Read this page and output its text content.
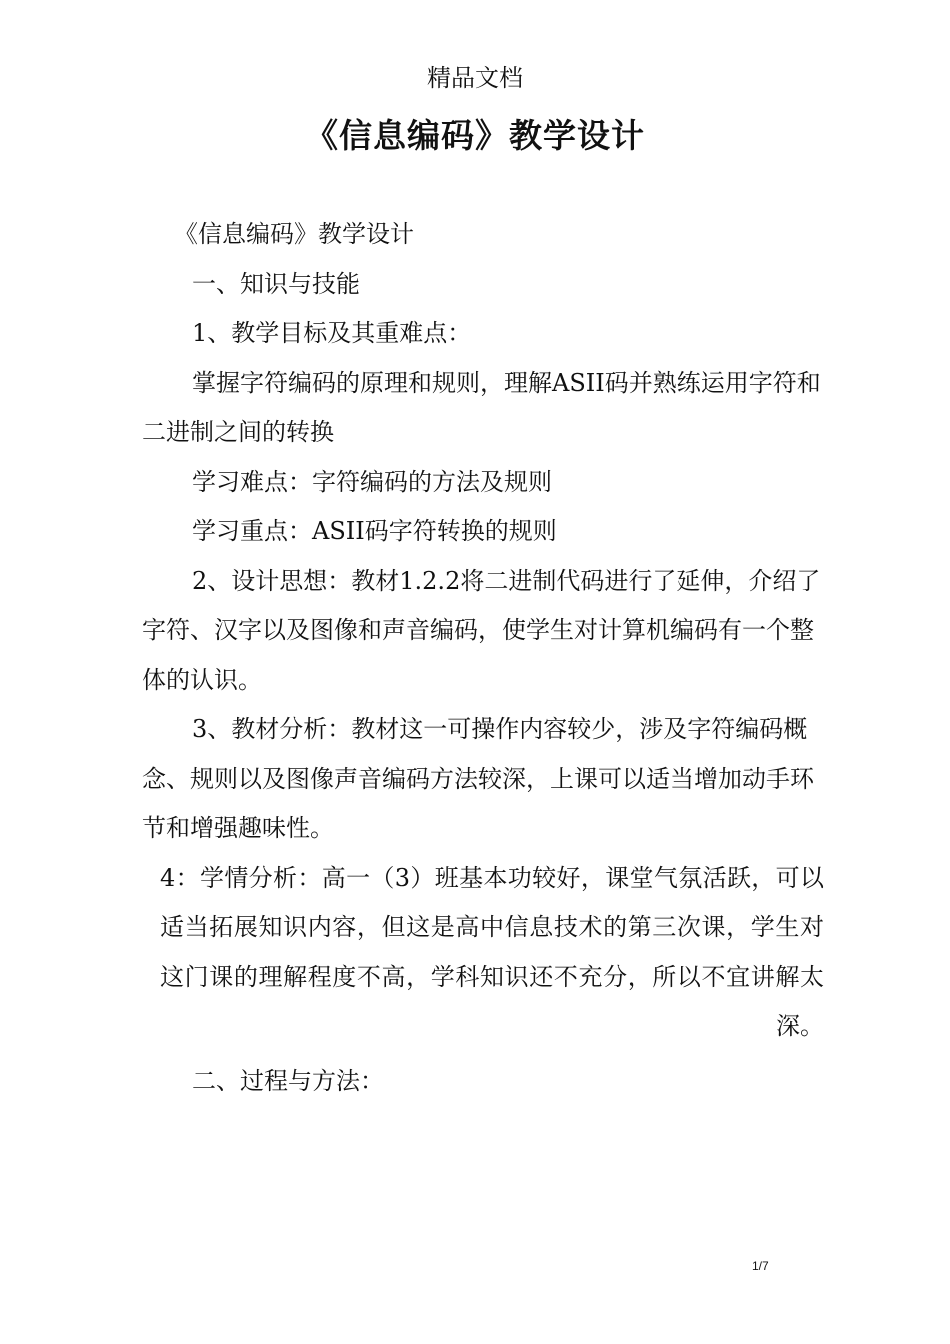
精品文档
《信息编码》教学设计

《信息编码》教学设计

一、知识与技能

1、教学目标及其重难点：

掌握字符编码的原理和规则，理解ASII码并熟练运用字符和二进制之间的转换

学习难点：字符编码的方法及规则

学习重点：ASII码字符转换的规则

2、设计思想：教材1.2.2将二进制代码进行了延伸，介绍了字符、汉字以及图像和声音编码，使学生对计算机编码有一个整体的认识。

3、教材分析：教材这一可操作内容较少，涉及字符编码概念、规则以及图像声音编码方法较深，上课可以适当增加动手环节和增强趣味性。

4：学情分析：高一（3）班基本功较好，课堂气氛活跃，可以适当拓展知识内容，但这是高中信息技术的第三次课，学生对这门课的理解程度不高，学科知识还不充分，所以不宜讲解太深。

二、过程与方法：

1/7
